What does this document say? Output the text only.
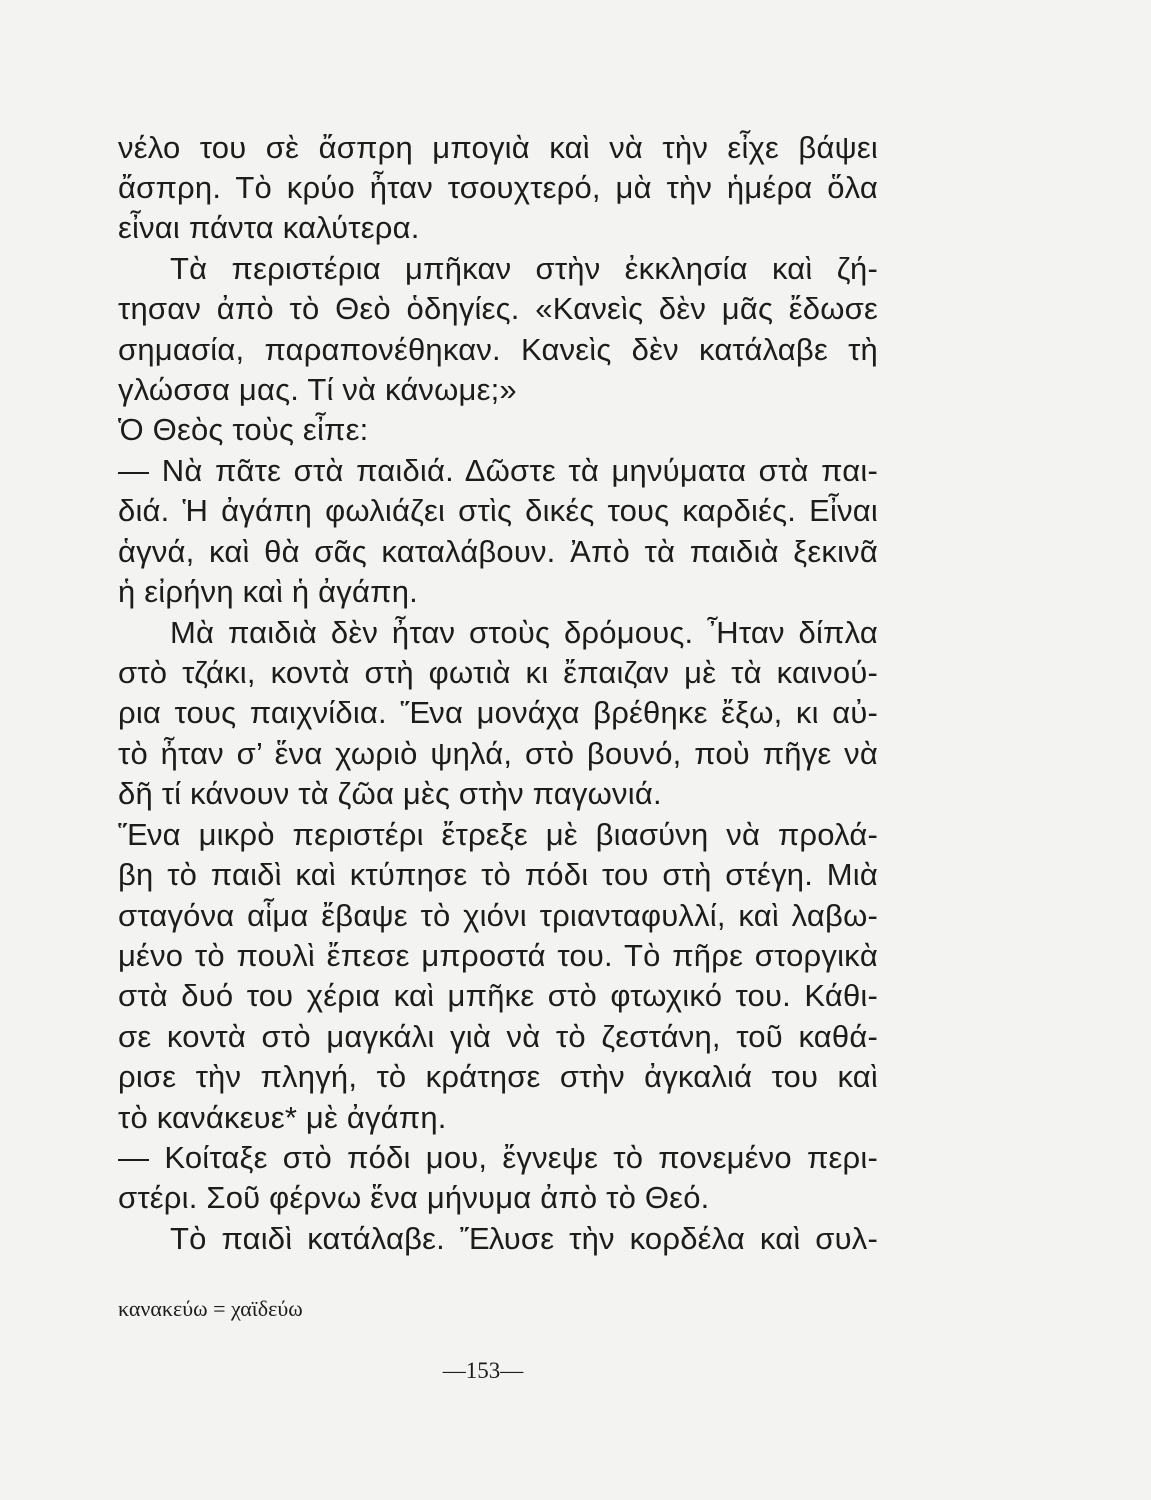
νέλο του σὲ ἄσπρη μπογιὰ καὶ νὰ τὴν εἶχε βάψει
ἄσπρη. Τὸ κρύο ἦταν τσουχτερό, μὰ τὴν ἡμέρα ὅλα
εἶναι πάντα καλύτερα.
Τὰ περιστέρια μπῆκαν στὴν ἐκκλησία καὶ ζή-
τησαν ἀπὸ τὸ Θεὸ ὁδηγίες. «Κανεὶς δὲν μᾶς ἔδωσε
σημασία, παραπονέθηκαν. Κανεὶς δὲν κατάλαβε τὴ
γλώσσα μας. Τί νὰ κάνωμε;»
Ὁ Θεὸς τοὺς εἶπε:
— Νὰ πᾶτε στὰ παιδιά. Δῶστε τὰ μηνύματα στὰ παι-
διά. Ἡ ἀγάπη φωλιάζει στὶς δικές τους καρδιές. Εἶναι
ἁγνά, καὶ θὰ σᾶς καταλάβουν. Ἀπὸ τὰ παιδιὰ ξεκινᾶ
ἡ εἰρήνη καὶ ἡ ἀγάπη.
Μὰ παιδιὰ δὲν ἦταν στοὺς δρόμους. Ἦταν δίπλα
στὸ τζάκι, κοντὰ στὴ φωτιὰ κι ἔπαιζαν μὲ τὰ καινού-
ρια τους παιχνίδια. Ἕνα μονάχα βρέθηκε ἔξω, κι αὐ-
τὸ ἦταν σ’ ἕνα χωριὸ ψηλά, στὸ βουνό, ποὺ πῆγε νὰ
δῆ τί κάνουν τὰ ζῶα μὲς στὴν παγωνιά.
Ἕνα μικρὸ περιστέρι ἔτρεξε μὲ βιασύνη νὰ προλά-
βη τὸ παιδὶ καὶ κτύπησε τὸ πόδι του στὴ στέγη. Μιὰ
σταγόνα αἷμα ἔβαψε τὸ χιόνι τριανταφυλλί, καὶ λαβω-
μένο τὸ πουλὶ ἔπεσε μπροστά του. Τὸ πῆρε στοργικὰ
στὰ δυό του χέρια καὶ μπῆκε στὸ φτωχικό του. Κάθι-
σε κοντὰ στὸ μαγκάλι γιὰ νὰ τὸ ζεστάνη, τοῦ καθά-
ρισε τὴν πληγή, τὸ κράτησε στὴν ἀγκαλιά του καὶ
τὸ κανάκευε* μὲ ἀγάπη.
— Κοίταξε στὸ πόδι μου, ἔγνεψε τὸ πονεμένο περι-
στέρι. Σοῦ φέρνω ἕνα μήνυμα ἀπὸ τὸ Θεό.
Τὸ παιδὶ κατάλαβε. Ἔλυσε τὴν κορδέλα καὶ συλ-
κανακεύω = χαϊδεύω
—153—
